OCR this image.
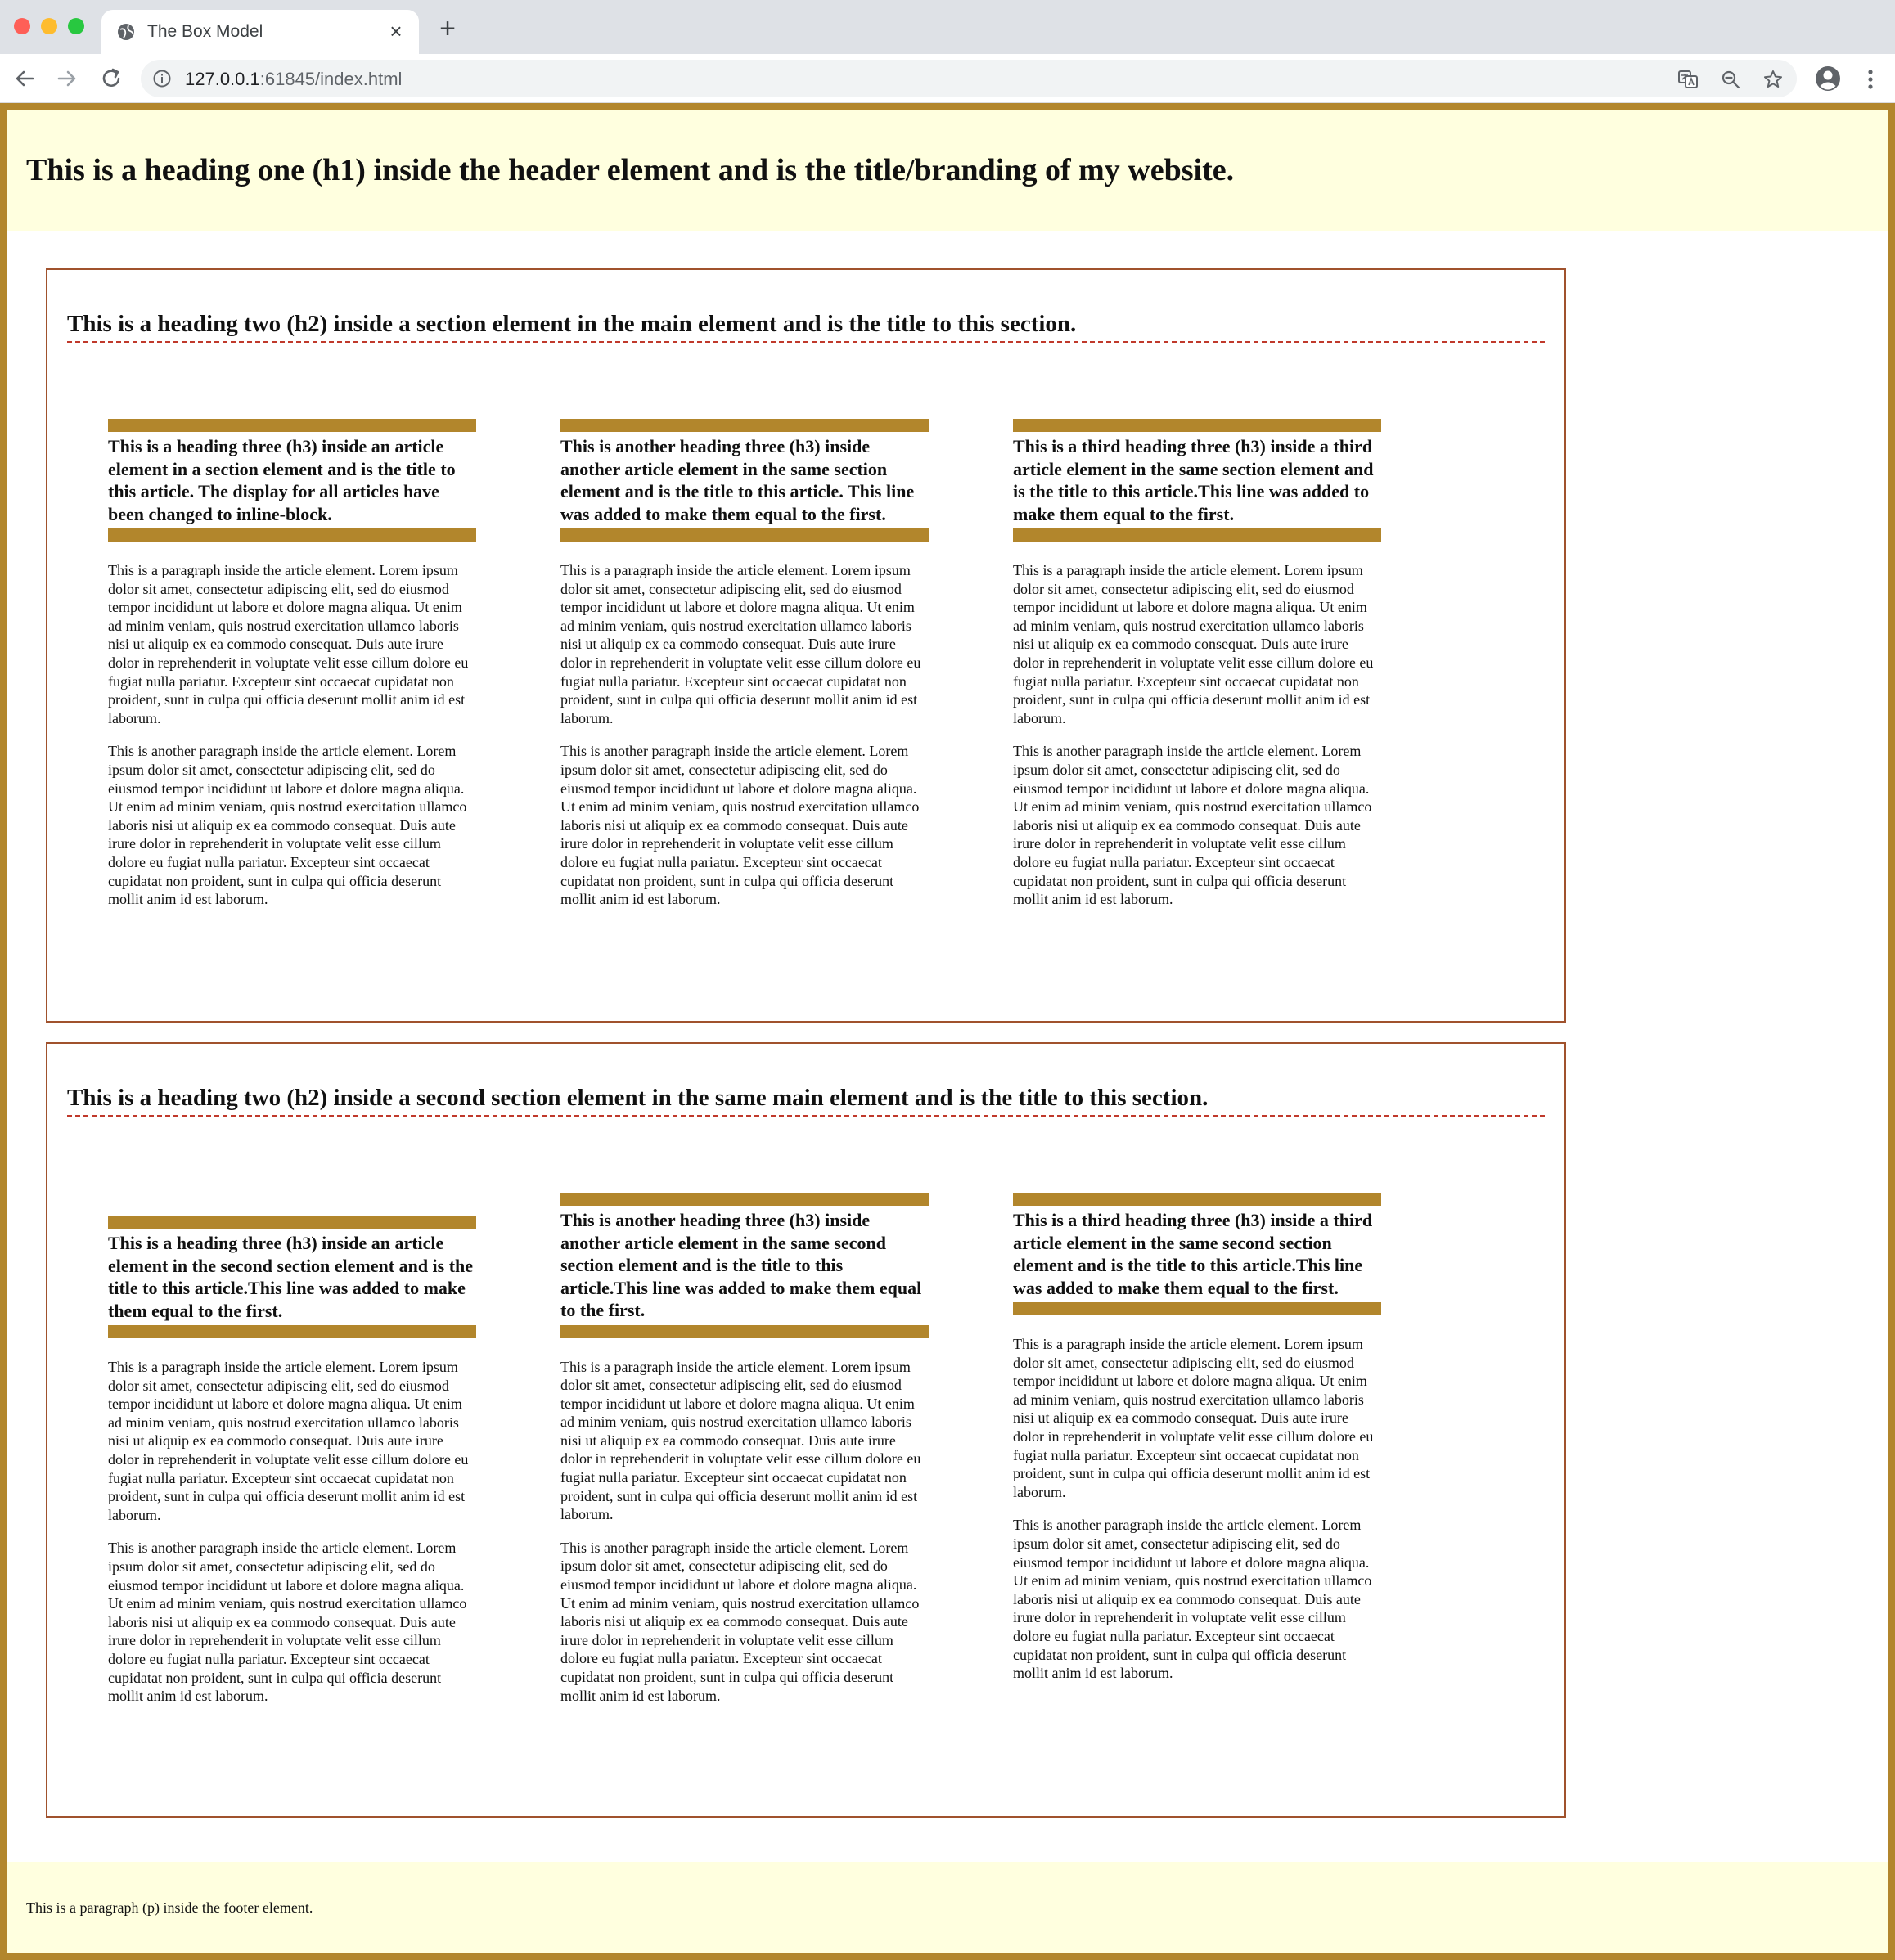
The Box Model	× +
127.0.0.1:61845/index.html
This is a heading one (h1) inside the header element and is the title/branding of my website.
This is a heading two (h2) inside a section element in the main element and is the title to this section.
This is a heading three (h3) inside an article element in a section element and is the title to this article. The display for all articles have been changed to inline-block.

This is a paragraph inside the article element. Lorem ipsum dolor sit amet, consectetur adipiscing elit, sed do eiusmod tempor incididunt ut labore et dolore magna aliqua. Ut enim ad minim veniam, quis nostrud exercitation ullamco laboris nisi ut aliquip ex ea commodo consequat. Duis aute irure dolor in reprehenderit in voluptate velit esse cillum dolore eu fugiat nulla pariatur. Excepteur sint occaecat cupidatat non proident, sunt in culpa qui officia deserunt mollit anim id est laborum.

This is another paragraph inside the article element. Lorem ipsum dolor sit amet, consectetur adipiscing elit, sed do eiusmod tempor incididunt ut labore et dolore magna aliqua. Ut enim ad minim veniam, quis nostrud exercitation ullamco laboris nisi ut aliquip ex ea commodo consequat. Duis aute irure dolor in reprehenderit in voluptate velit esse cillum dolore eu fugiat nulla pariatur. Excepteur sint occaecat cupidatat non proident, sunt in culpa qui officia deserunt mollit anim id est laborum.

This is another heading three (h3) inside another article element in the same section element and is the title to this article. This line was added to make them equal to the first.

This is a paragraph inside the article element. Lorem ipsum dolor sit amet, consectetur adipiscing elit, sed do eiusmod tempor incididunt ut labore et dolore magna aliqua. Ut enim ad minim veniam, quis nostrud exercitation ullamco laboris nisi ut aliquip ex ea commodo consequat. Duis aute irure dolor in reprehenderit in voluptate velit esse cillum dolore eu fugiat nulla pariatur. Excepteur sint occaecat cupidatat non proident, sunt in culpa qui officia deserunt mollit anim id est laborum.

This is another paragraph inside the article element. Lorem ipsum dolor sit amet, consectetur adipiscing elit, sed do eiusmod tempor incididunt ut labore et dolore magna aliqua. Ut enim ad minim veniam, quis nostrud exercitation ullamco laboris nisi ut aliquip ex ea commodo consequat. Duis aute irure dolor in reprehenderit in voluptate velit esse cillum dolore eu fugiat nulla pariatur. Excepteur sint occaecat cupidatat non proident, sunt in culpa qui officia deserunt mollit anim id est laborum.

This is a third heading three (h3) inside a third article element in the same section element and is the title to this article.This line was added to make them equal to the first.

This is a paragraph inside the article element. Lorem ipsum dolor sit amet, consectetur adipiscing elit, sed do eiusmod tempor incididunt ut labore et dolore magna aliqua. Ut enim ad minim veniam, quis nostrud exercitation ullamco laboris nisi ut aliquip ex ea commodo consequat. Duis aute irure dolor in reprehenderit in voluptate velit esse cillum dolore eu fugiat nulla pariatur. Excepteur sint occaecat cupidatat non proident, sunt in culpa qui officia deserunt mollit anim id est laborum.

This is another paragraph inside the article element. Lorem ipsum dolor sit amet, consectetur adipiscing elit, sed do eiusmod tempor incididunt ut labore et dolore magna aliqua. Ut enim ad minim veniam, quis nostrud exercitation ullamco laboris nisi ut aliquip ex ea commodo consequat. Duis aute irure dolor in reprehenderit in voluptate velit esse cillum dolore eu fugiat nulla pariatur. Excepteur sint occaecat cupidatat non proident, sunt in culpa qui officia deserunt mollit anim id est laborum.

This is a heading two (h2) inside a second section element in the same main element and is the title to this section.
This is a heading three (h3) inside an article element in the second section element and is the title to this article.This line was added to make them equal to the first.

This is a paragraph inside the article element. Lorem ipsum dolor sit amet, consectetur adipiscing elit, sed do eiusmod tempor incididunt ut labore et dolore magna aliqua. Ut enim ad minim veniam, quis nostrud exercitation ullamco laboris nisi ut aliquip ex ea commodo consequat. Duis aute irure dolor in reprehenderit in voluptate velit esse cillum dolore eu fugiat nulla pariatur. Excepteur sint occaecat cupidatat non proident, sunt in culpa qui officia deserunt mollit anim id est laborum.

This is another paragraph inside the article element. Lorem ipsum dolor sit amet, consectetur adipiscing elit, sed do eiusmod tempor incididunt ut labore et dolore magna aliqua. Ut enim ad minim veniam, quis nostrud exercitation ullamco laboris nisi ut aliquip ex ea commodo consequat. Duis aute irure dolor in reprehenderit in voluptate velit esse cillum dolore eu fugiat nulla pariatur. Excepteur sint occaecat cupidatat non proident, sunt in culpa qui officia deserunt mollit anim id est laborum.

This is another heading three (h3) inside another article element in the same second section element and is the title to this article.This line was added to make them equal to the first.

This is a paragraph inside the article element. Lorem ipsum dolor sit amet, consectetur adipiscing elit, sed do eiusmod tempor incididunt ut labore et dolore magna aliqua. Ut enim ad minim veniam, quis nostrud exercitation ullamco laboris nisi ut aliquip ex ea commodo consequat. Duis aute irure dolor in reprehenderit in voluptate velit esse cillum dolore eu fugiat nulla pariatur. Excepteur sint occaecat cupidatat non proident, sunt in culpa qui officia deserunt mollit anim id est laborum.

This is another paragraph inside the article element. Lorem ipsum dolor sit amet, consectetur adipiscing elit, sed do eiusmod tempor incididunt ut labore et dolore magna aliqua. Ut enim ad minim veniam, quis nostrud exercitation ullamco laboris nisi ut aliquip ex ea commodo consequat. Duis aute irure dolor in reprehenderit in voluptate velit esse cillum dolore eu fugiat nulla pariatur. Excepteur sint occaecat cupidatat non proident, sunt in culpa qui officia deserunt mollit anim id est laborum.

This is a third heading three (h3) inside a third article element in the same second section element and is the title to this article.This line was added to make them equal to the first.

This is a paragraph inside the article element. Lorem ipsum dolor sit amet, consectetur adipiscing elit, sed do eiusmod tempor incididunt ut labore et dolore magna aliqua. Ut enim ad minim veniam, quis nostrud exercitation ullamco laboris nisi ut aliquip ex ea commodo consequat. Duis aute irure dolor in reprehenderit in voluptate velit esse cillum dolore eu fugiat nulla pariatur. Excepteur sint occaecat cupidatat non proident, sunt in culpa qui officia deserunt mollit anim id est laborum.

This is another paragraph inside the article element. Lorem ipsum dolor sit amet, consectetur adipiscing elit, sed do eiusmod tempor incididunt ut labore et dolore magna aliqua. Ut enim ad minim veniam, quis nostrud exercitation ullamco laboris nisi ut aliquip ex ea commodo consequat. Duis aute irure dolor in reprehenderit in voluptate velit esse cillum dolore eu fugiat nulla pariatur. Excepteur sint occaecat cupidatat non proident, sunt in culpa qui officia deserunt mollit anim id est laborum.

This is a paragraph (p) inside the footer element.
